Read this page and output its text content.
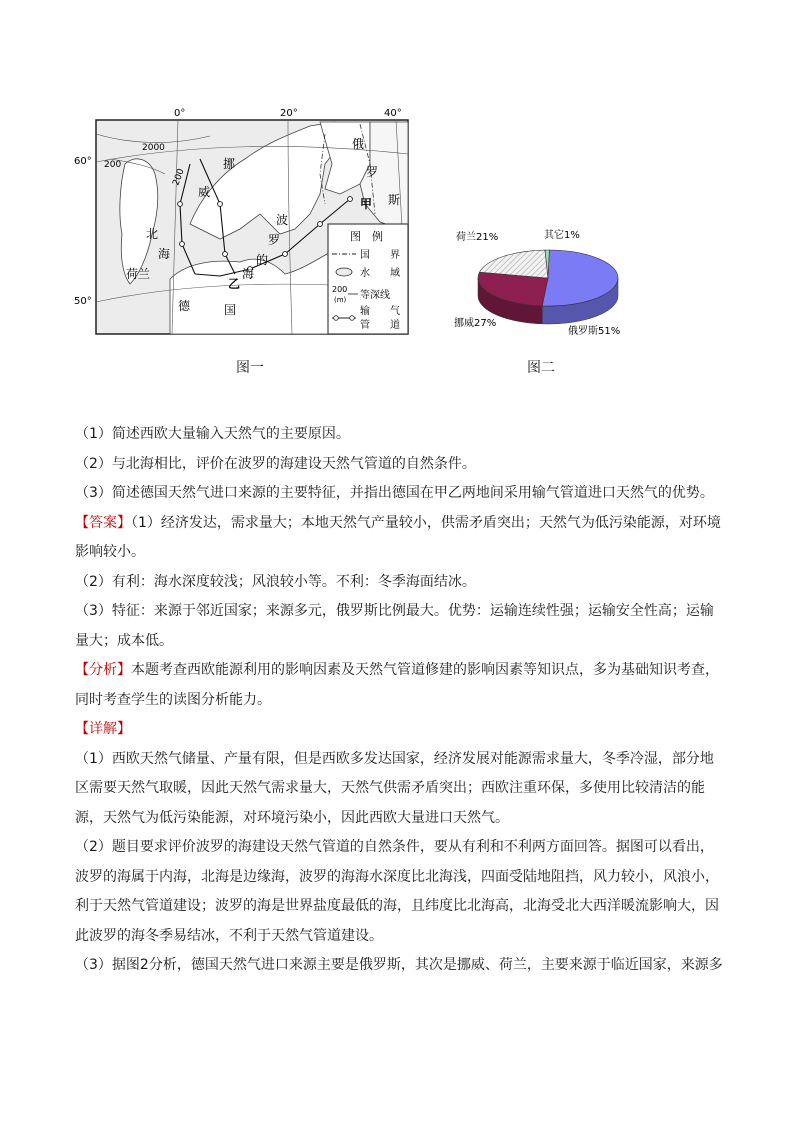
0°	20°	40°
60°
50°
2000
200
200
挪
威
北
海
荷兰
德	国
波
罗
的
海
乙
俄
罗
甲 斯
图　例
国　　界
水　　域
200
(m) 等深线
输　　气
管　　道
图一
荷兰21%	其它1%
挪威27%
俄罗斯51%
图二

（1）简述西欧大量输入天然气的主要原因。

（2）与北海相比，评价在波罗的海建设天然气管道的自然条件。

（3）简述德国天然气进口来源的主要特征，并指出德国在甲乙两地间采用输气管道进口天然气的优势。

【答案】（1）经济发达，需求量大；本地天然气产量较小，供需矛盾突出；天然气为低污染能源，对环境影响较小。

（2）有利：海水深度较浅；风浪较小等。不利：冬季海面结冰。

（3）特征：来源于邻近国家；来源多元，俄罗斯比例最大。优势：运输连续性强；运输安全性高；运输量大；成本低。

【分析】本题考查西欧能源利用的影响因素及天然气管道修建的影响因素等知识点，多为基础知识考查，同时考查学生的读图分析能力。

【详解】

（1）西欧天然气储量、产量有限，但是西欧多发达国家，经济发展对能源需求量大，冬季冷湿，部分地区需要天然气取暖，因此天然气需求量大，天然气供需矛盾突出；西欧注重环保，多使用比较清洁的能源，天然气为低污染能源，对环境污染小，因此西欧大量进口天然气。

（2）题目要求评价波罗的海建设天然气管道的自然条件，要从有利和不利两方面回答。据图可以看出，波罗的海属于内海，北海是边缘海，波罗的海海水深度比北海浅，四面受陆地阻挡，风力较小，风浪小，利于天然气管道建设；波罗的海是世界盐度最低的海，且纬度比北海高，北海受北大西洋暖流影响大，因此波罗的海冬季易结冰，不利于天然气管道建设。

（3）据图2分析，德国天然气进口来源主要是俄罗斯，其次是挪威、荷兰，主要来源于临近国家，来源多
